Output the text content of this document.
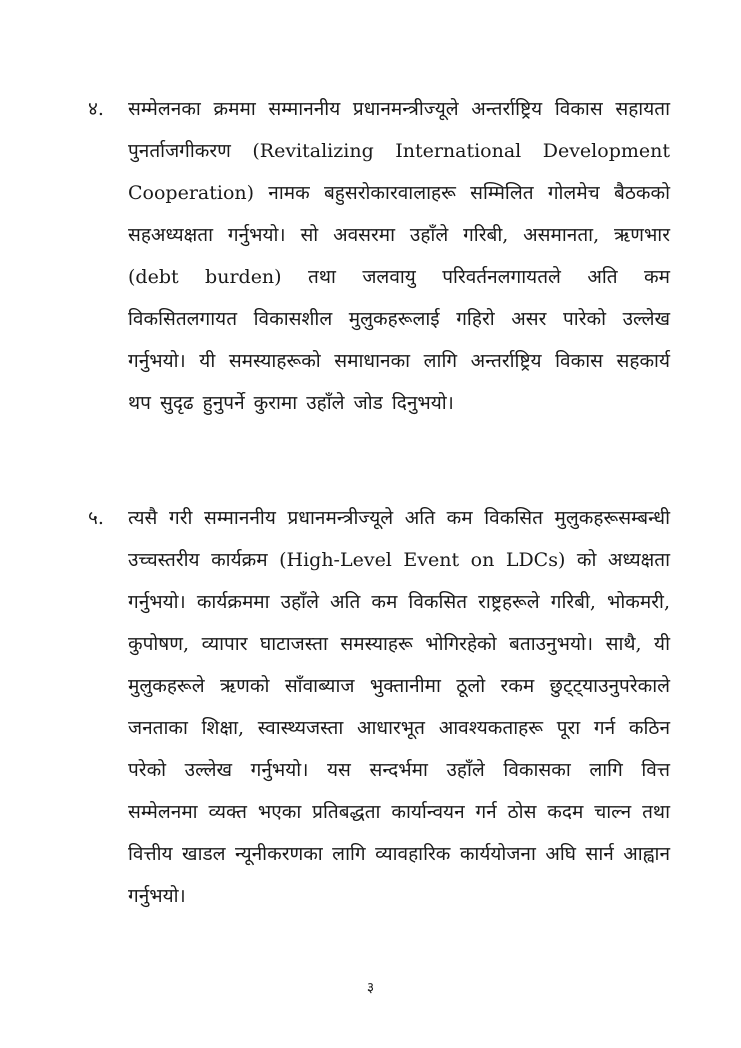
४.	सम्मेलनका क्रममा सम्माननीय प्रधानमन्त्रीज्यूले अन्तर्राष्ट्रिय विकास सहायता पुनर्ताजगीकरण (Revitalizing International Development Cooperation) नामक बहुसरोकारवालाहरू सम्मिलित गोलमेच बैठकको सहअध्यक्षता गर्नुभयो। सो अवसरमा उहाँले गरिबी, असमानता, ऋणभार (debt burden) तथा जलवायु परिवर्तनलगायतले अति कम विकसितलगायत विकासशील मुलुकहरूलाई गहिरो असर पारेको उल्लेख गर्नुभयो। यी समस्याहरूको समाधानका लागि अन्तर्राष्ट्रिय विकास सहकार्य थप सुदृढ हुनुपर्ने कुरामा उहाँले जोड दिनुभयो।
५.	त्यसै गरी सम्माननीय प्रधानमन्त्रीज्यूले अति कम विकसित मुलुकहरूसम्बन्धी उच्चस्तरीय कार्यक्रम (High-Level Event on LDCs) को अध्यक्षता गर्नुभयो। कार्यक्रममा उहाँले अति कम विकसित राष्ट्रहरूले गरिबी, भोकमरी, कुपोषण, व्यापार घाटाजस्ता समस्याहरू भोगिरहेको बताउनुभयो। साथै, यी मुलुकहरूले ऋणको साँवाब्याज भुक्तानीमा ठूलो रकम छुट्ट्याउनुपरेकाले जनताका शिक्षा, स्वास्थ्यजस्ता आधारभूत आवश्यकताहरू पूरा गर्न कठिन परेको उल्लेख गर्नुभयो। यस सन्दर्भमा उहाँले विकासका लागि वित्त सम्मेलनमा व्यक्त भएका प्रतिबद्धता कार्यान्वयन गर्न ठोस कदम चाल्न तथा वित्तीय खाडल न्यूनीकरणका लागि व्यावहारिक कार्ययोजना अघि सार्न आह्वान गर्नुभयो।
३
